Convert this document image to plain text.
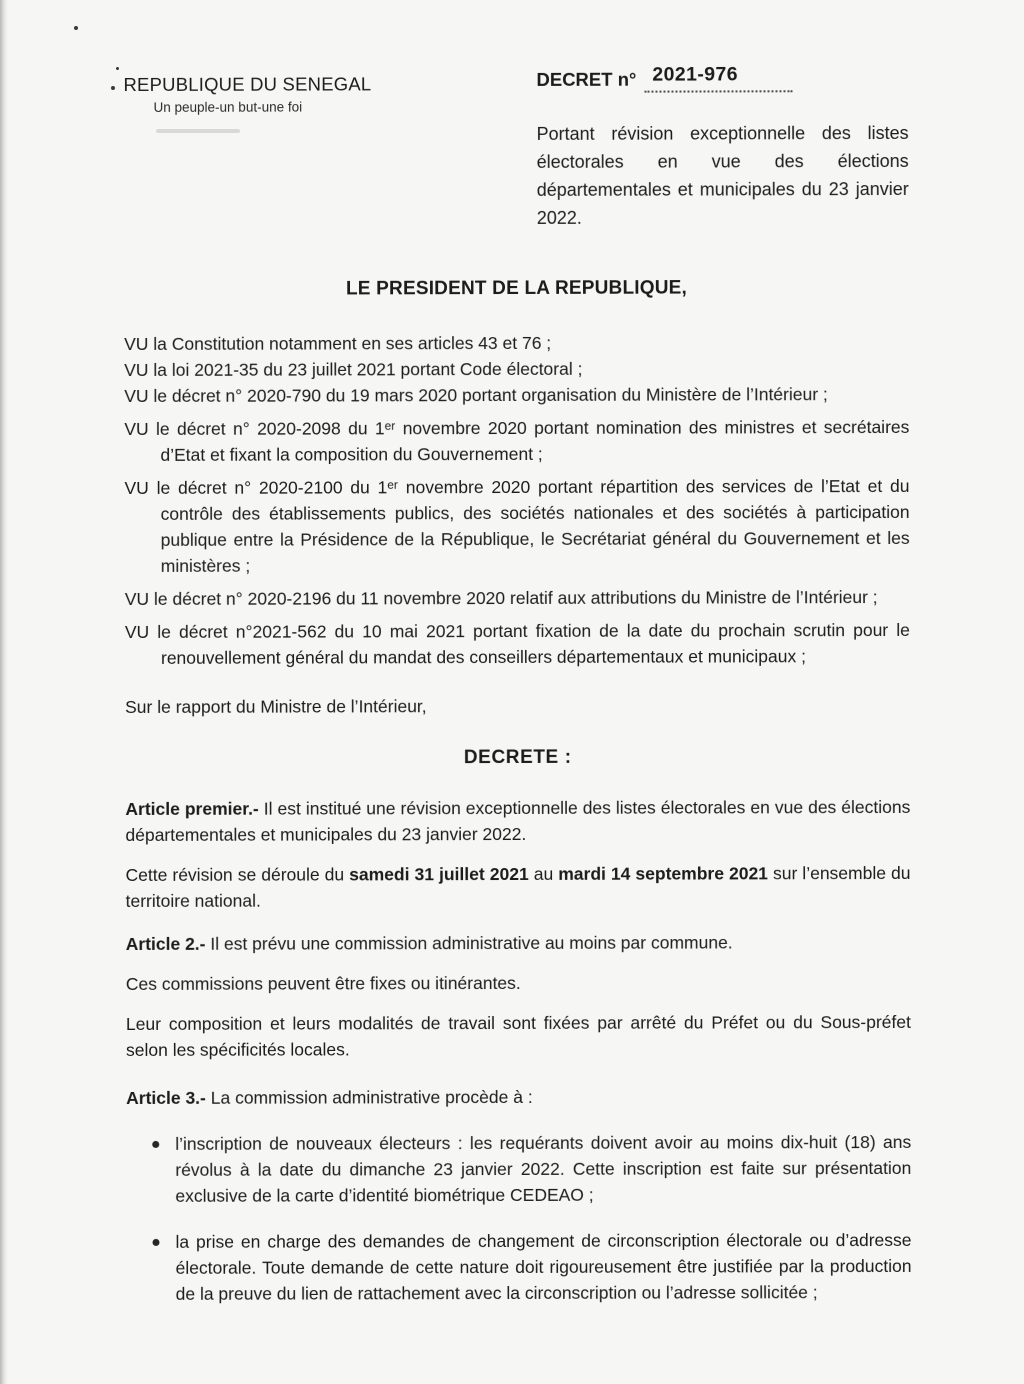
REPUBLIQUE DU SENEGAL
Un peuple-un but-une foi
DECRET n° 2021-976
Portant révision exceptionnelle des listes électorales en vue des élections départementales et municipales du 23 janvier 2022.
LE PRESIDENT DE LA REPUBLIQUE,
VU la Constitution notamment en ses articles 43 et 76 ;
VU la loi 2021-35 du 23 juillet 2021 portant Code électoral ;
VU le décret n° 2020-790 du 19 mars 2020 portant organisation du Ministère de l’Intérieur ;
VU le décret n° 2020-2098 du 1ᵉʳ novembre 2020 portant nomination des ministres et secrétaires d’Etat et fixant la composition du Gouvernement ;
VU le décret n° 2020-2100 du 1ᵉʳ novembre 2020 portant répartition des services de l’Etat et du contrôle des établissements publics, des sociétés nationales et des sociétés à participation publique entre la Présidence de la République, le Secrétariat général du Gouvernement et les ministères ;
VU le décret n° 2020-2196 du 11 novembre 2020 relatif aux attributions du Ministre de l’Intérieur ;
VU le décret n°2021-562 du 10 mai 2021 portant fixation de la date du prochain scrutin pour le renouvellement général du mandat des conseillers départementaux et municipaux ;
Sur le rapport du Ministre de l’Intérieur,
DECRETE :
Article premier.- Il est institué une révision exceptionnelle des listes électorales en vue des élections départementales et municipales du 23 janvier 2022.
Cette révision se déroule du samedi 31 juillet 2021 au mardi 14 septembre 2021 sur l’ensemble du territoire national.
Article 2.- Il est prévu une commission administrative au moins par commune.
Ces commissions peuvent être fixes ou itinérantes.
Leur composition et leurs modalités de travail sont fixées par arrêté du Préfet ou du Sous-préfet selon les spécificités locales.
Article 3.- La commission administrative procède à :
l’inscription de nouveaux électeurs : les requérants doivent avoir au moins dix-huit (18) ans révolus à la date du dimanche 23 janvier 2022. Cette inscription est faite sur présentation exclusive de la carte d’identité biométrique CEDEAO ;
la prise en charge des demandes de changement de circonscription électorale ou d’adresse électorale. Toute demande de cette nature doit rigoureusement être justifiée par la production de la preuve du lien de rattachement avec la circonscription ou l’adresse sollicitée ;
